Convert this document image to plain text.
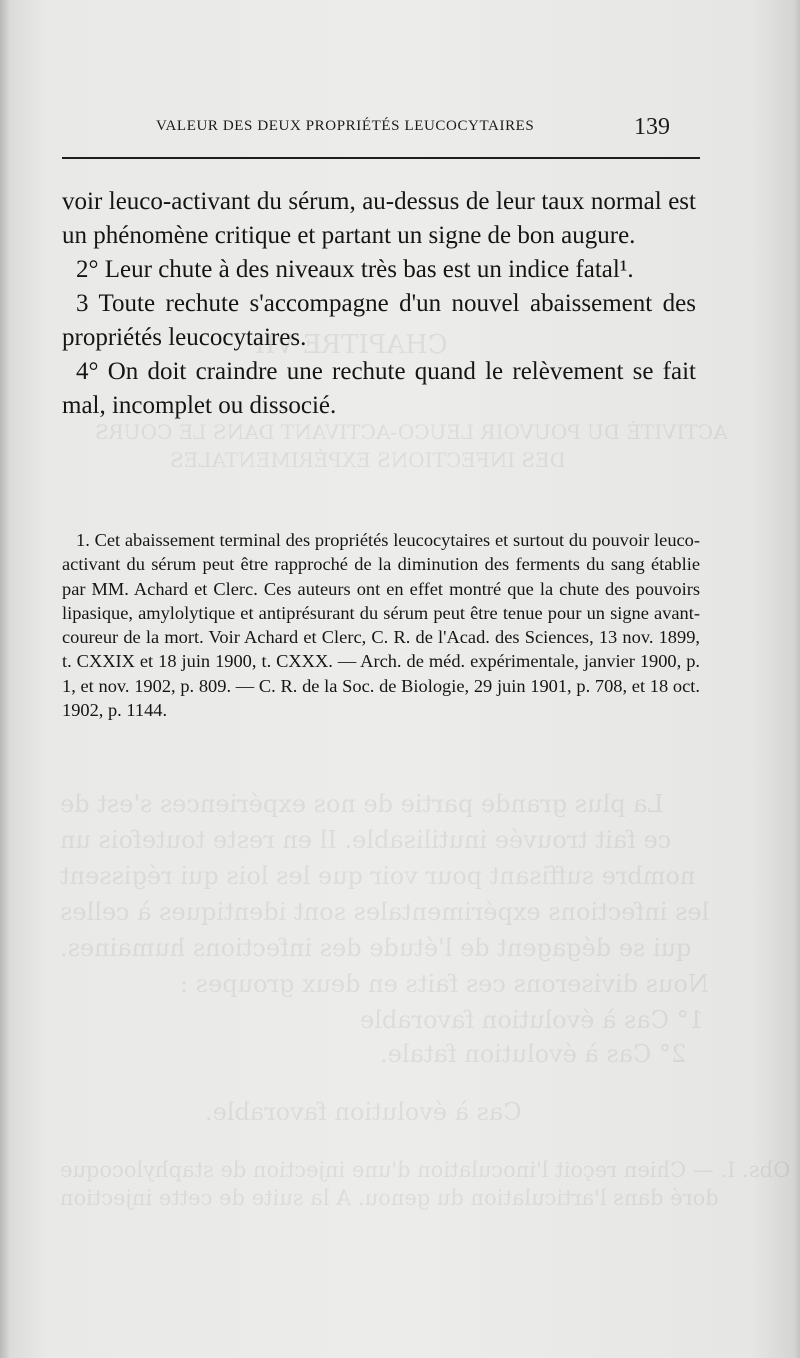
CHAPITRE VII
ACTIVITÉ DU POUVOIR LEUCO-ACTIVANT DANS LE COURS
DES INFECTIONS EXPÉRIMENTALES
La plus grande partie de nos expériences s'est de
ce fait trouvée inutilisable. Il en reste toutefois un
nombre suffisant pour voir que les lois qui régissent
les infections expérimentales sont identiques à celles
qui se dégagent de l'étude des infections humaines.
Nous diviserons ces faits en deux groupes :
1° Cas à évolution favorable
2° Cas à évolution fatale.
Cas à évolution favorable.
Obs. I. — Chien reçoit l'inoculation d'une injection de staphylocoque
doré dans l'articulation du genou. A la suite de cette injection
VALEUR DES DEUX PROPRIÉTÉS LEUCOCYTAIRES	139

voir leuco-activant du sérum, au-dessus de leur taux normal est un phénomène critique et partant un signe de bon augure.

2° Leur chute à des niveaux très bas est un indice fatal¹.

3 Toute rechute s'accompagne d'un nouvel abaissement des propriétés leucocytaires.

4° On doit craindre une rechute quand le relèvement se fait mal, incomplet ou dissocié.

1. Cet abaissement terminal des propriétés leucocytaires et surtout du pouvoir leuco-activant du sérum peut être rapproché de la diminution des ferments du sang établie par MM. Achard et Clerc. Ces auteurs ont en effet montré que la chute des pouvoirs lipasique, amylolytique et antiprésurant du sérum peut être tenue pour un signe avant-coureur de la mort. Voir Achard et Clerc, C. R. de l'Acad. des Sciences, 13 nov. 1899, t. CXXIX et 18 juin 1900, t. CXXX. — Arch. de méd. expérimentale, janvier 1900, p. 1, et nov. 1902, p. 809. — C. R. de la Soc. de Biologie, 29 juin 1901, p. 708, et 18 oct. 1902, p. 1144.
